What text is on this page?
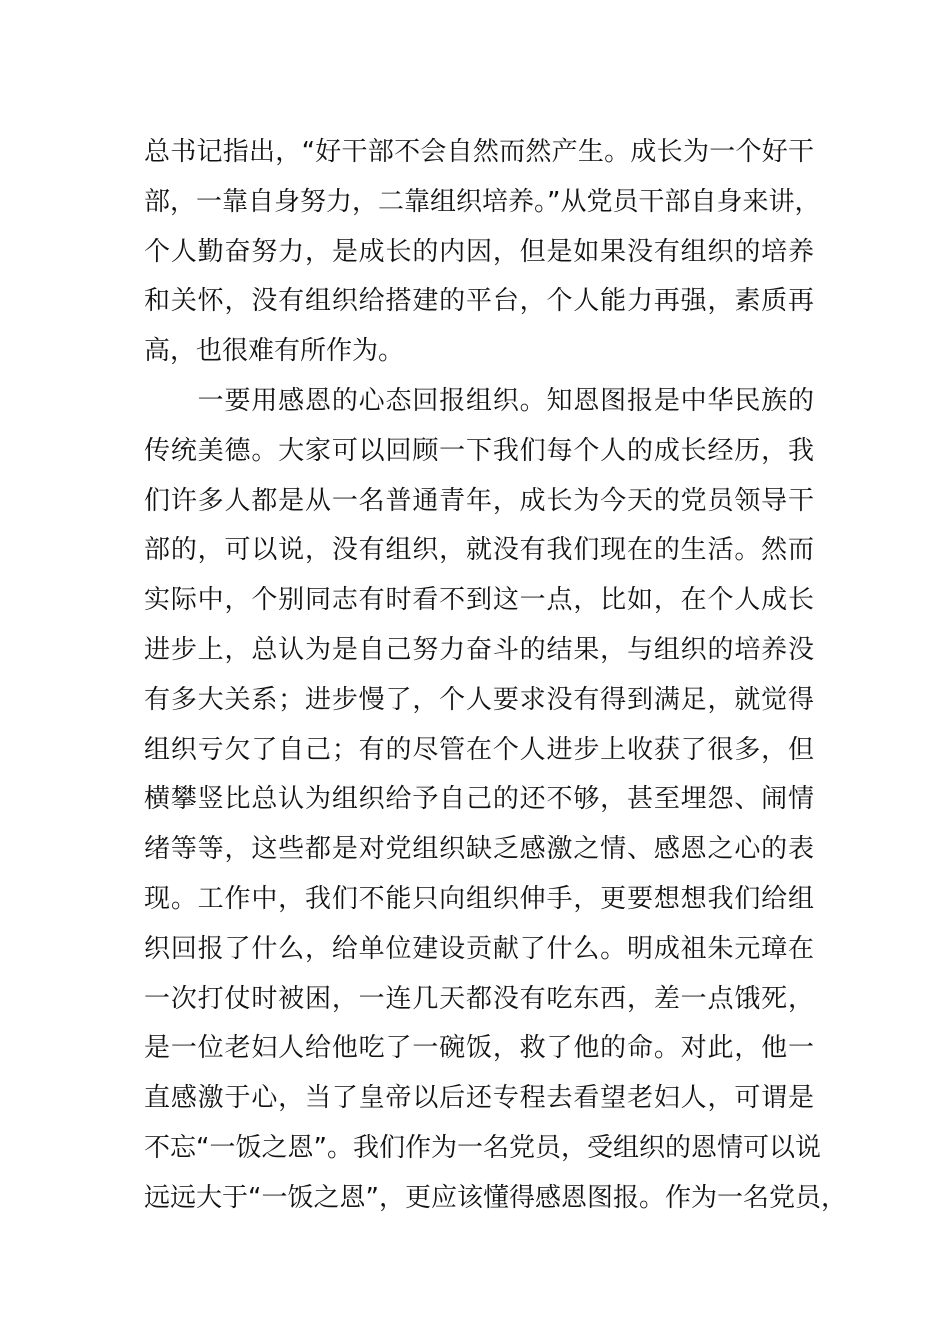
总书记指出，“好干部不会自然而然产生。成长为一个好干
部，一靠自身努力，二靠组织培养。”从党员干部自身来讲，
个人勤奋努力，是成长的内因，但是如果没有组织的培养
和关怀，没有组织给搭建的平台，个人能力再强，素质再
高，也很难有所作为。
　　一要用感恩的心态回报组织。知恩图报是中华民族的
传统美德。大家可以回顾一下我们每个人的成长经历，我
们许多人都是从一名普通青年，成长为今天的党员领导干
部的，可以说，没有组织，就没有我们现在的生活。然而
实际中，个别同志有时看不到这一点，比如，在个人成长
进步上，总认为是自己努力奋斗的结果，与组织的培养没
有多大关系；进步慢了，个人要求没有得到满足，就觉得
组织亏欠了自己；有的尽管在个人进步上收获了很多，但
横攀竖比总认为组织给予自己的还不够，甚至埋怨、闹情
绪等等，这些都是对党组织缺乏感激之情、感恩之心的表
现。工作中，我们不能只向组织伸手，更要想想我们给组
织回报了什么，给单位建设贡献了什么。明成祖朱元璋在
一次打仗时被困，一连几天都没有吃东西，差一点饿死，
是一位老妇人给他吃了一碗饭，救了他的命。对此，他一
直感激于心，当了皇帝以后还专程去看望老妇人，可谓是
不忘“一饭之恩”。我们作为一名党员，受组织的恩情可以说
远远大于“一饭之恩”，更应该懂得感恩图报。作为一名党员，
